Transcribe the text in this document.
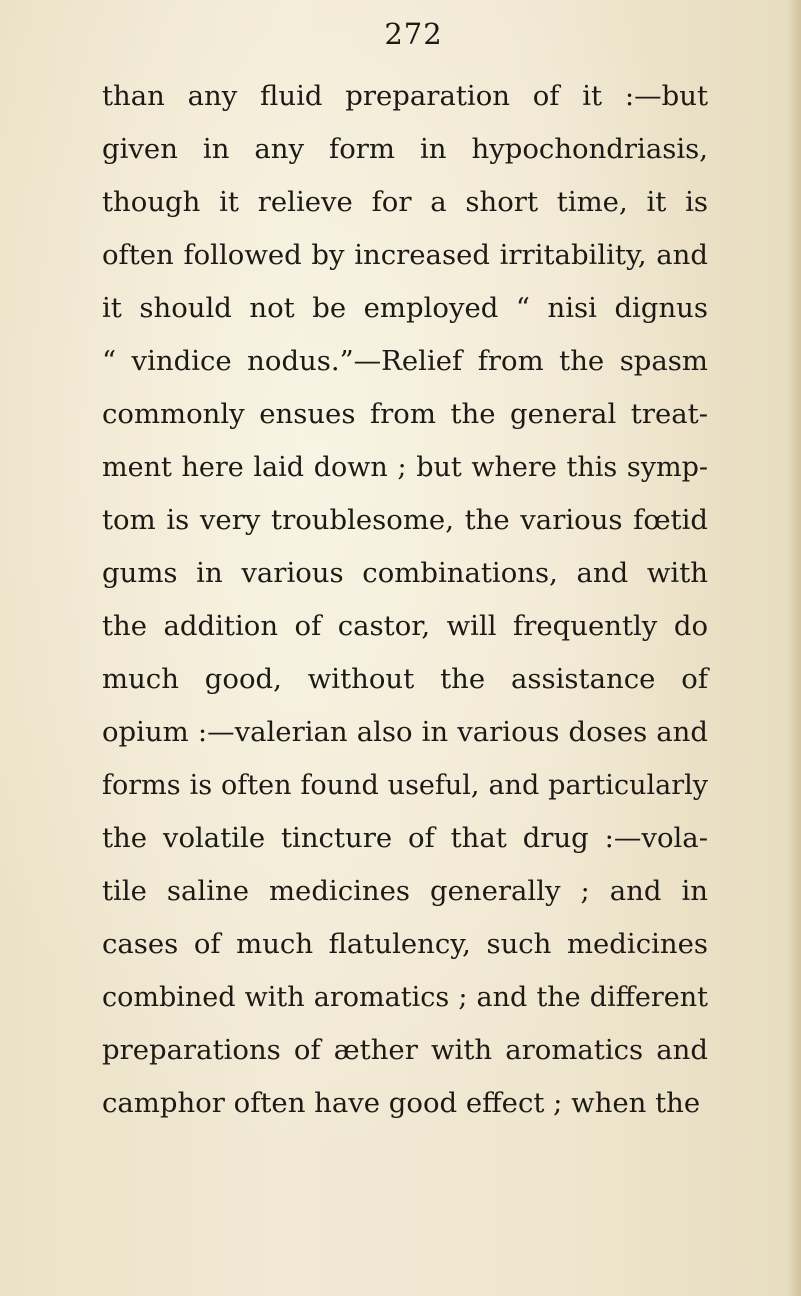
272
than any fluid preparation of it :—but
given in any form in hypochondriasis,
though it relieve for a short time, it is
often followed by increased irritability, and
it should not be employed “ nisi dignus
“ vindice nodus.”—Relief from the spasm
commonly ensues from the general treat-
ment here laid down ; but where this symp-
tom is very troublesome, the various fœtid
gums in various combinations, and with
the addition of castor, will frequently do
much good, without the assistance of
opium :—valerian also in various doses and
forms is often found useful, and particularly
the volatile tincture of that drug :—vola-
tile saline medicines generally ; and in
cases of much flatulency, such medicines
combined with aromatics ; and the different
preparations of æther with aromatics and
camphor often have good effect ; when the
